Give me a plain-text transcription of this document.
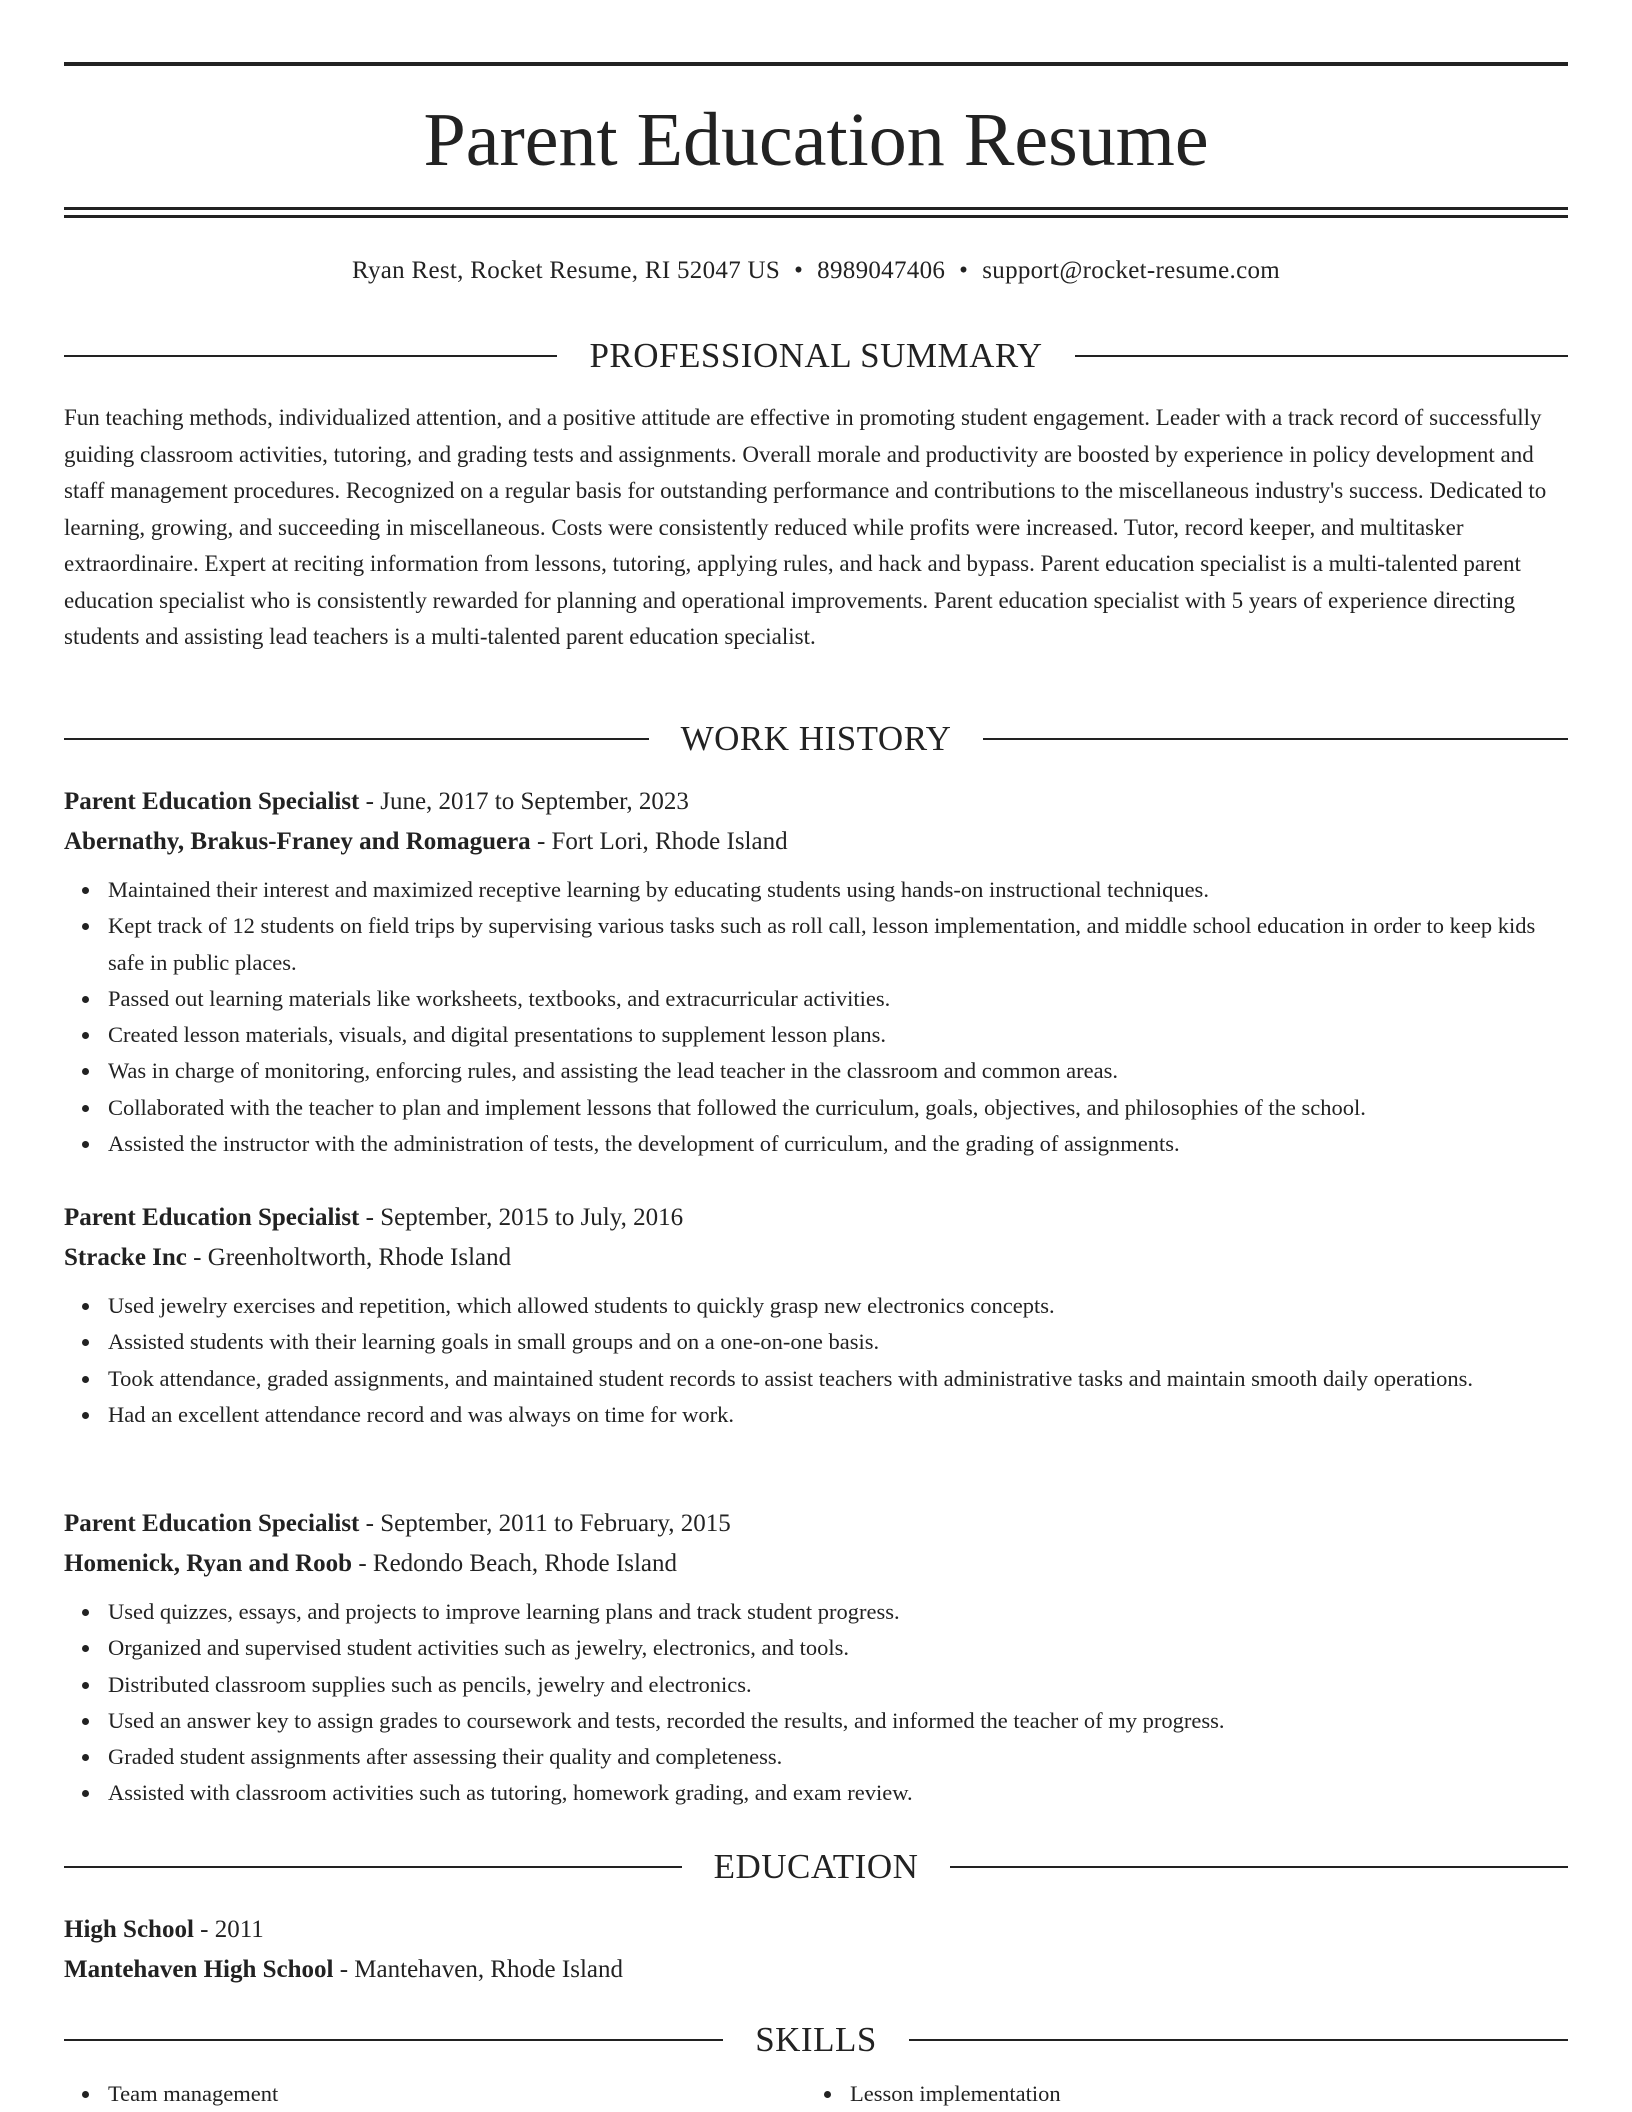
Parent Education Resume
Ryan Rest, Rocket Resume, RI 52047 US • 8989047406 • support@rocket-resume.com
PROFESSIONAL SUMMARY

Fun teaching methods, individualized attention, and a positive attitude are effective in promoting student engagement. Leader with a track record of successfully guiding classroom activities, tutoring, and grading tests and assignments. Overall morale and productivity are boosted by experience in policy development and staff management procedures. Recognized on a regular basis for outstanding performance and contributions to the miscellaneous industry's success. Dedicated to learning, growing, and succeeding in miscellaneous. Costs were consistently reduced while profits were increased. Tutor, record keeper, and multitasker extraordinaire. Expert at reciting information from lessons, tutoring, applying rules, and hack and bypass. Parent education specialist is a multi-talented parent education specialist who is consistently rewarded for planning and operational improvements. Parent education specialist with 5 years of experience directing students and assisting lead teachers is a multi-talented parent education specialist.

WORK HISTORY
Parent Education Specialist - June, 2017 to September, 2023
Abernathy, Brakus-Franey and Romaguera - Fort Lori, Rhode Island
Maintained their interest and maximized receptive learning by educating students using hands-on instructional techniques.
Kept track of 12 students on field trips by supervising various tasks such as roll call, lesson implementation, and middle school education in order to keep kids safe in public places.
Passed out learning materials like worksheets, textbooks, and extracurricular activities.
Created lesson materials, visuals, and digital presentations to supplement lesson plans.
Was in charge of monitoring, enforcing rules, and assisting the lead teacher in the classroom and common areas.
Collaborated with the teacher to plan and implement lessons that followed the curriculum, goals, objectives, and philosophies of the school.
Assisted the instructor with the administration of tests, the development of curriculum, and the grading of assignments.
Parent Education Specialist - September, 2015 to July, 2016
Stracke Inc - Greenholtworth, Rhode Island
Used jewelry exercises and repetition, which allowed students to quickly grasp new electronics concepts.
Assisted students with their learning goals in small groups and on a one-on-one basis.
Took attendance, graded assignments, and maintained student records to assist teachers with administrative tasks and maintain smooth daily operations.
Had an excellent attendance record and was always on time for work.
Parent Education Specialist - September, 2011 to February, 2015
Homenick, Ryan and Roob - Redondo Beach, Rhode Island
Used quizzes, essays, and projects to improve learning plans and track student progress.
Organized and supervised student activities such as jewelry, electronics, and tools.
Distributed classroom supplies such as pencils, jewelry and electronics.
Used an answer key to assign grades to coursework and tests, recorded the results, and informed the teacher of my progress.
Graded student assignments after assessing their quality and completeness.
Assisted with classroom activities such as tutoring, homework grading, and exam review.
EDUCATION
High School - 2011
Mantehaven High School - Mantehaven, Rhode Island
SKILLS
Team management	Lesson implementation
